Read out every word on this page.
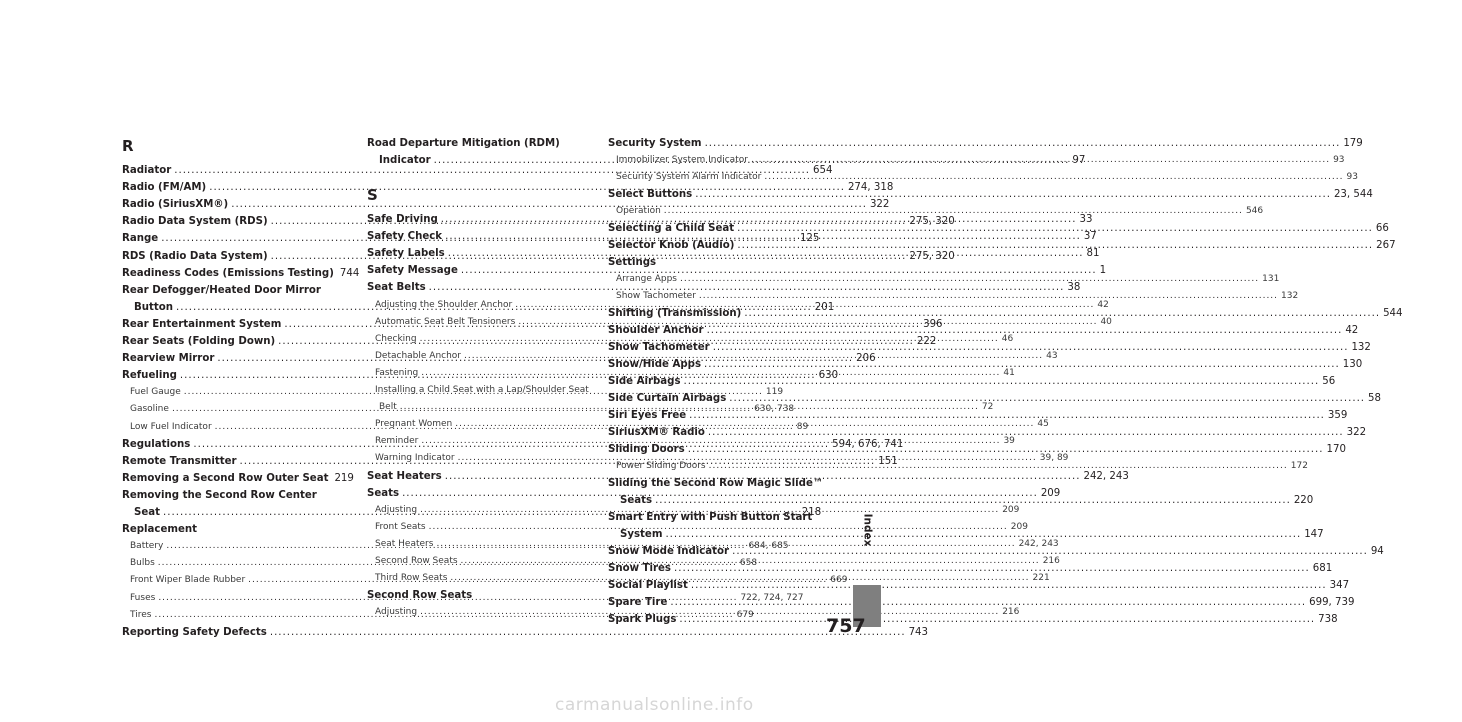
R
Radiator .....	654
Radio (FM/AM) .....	274, 318
Radio (SiriusXM®) .....	322
Radio Data System (RDS) .....	275, 320
Range .....	125
RDS (Radio Data System) .....	275, 320
Readiness Codes (Emissions Testing) 744
Rear Defogger/Heated Door Mirror
Button .....	201
Rear Entertainment System .....	396
Rear Seats (Folding Down) .....	222
Rearview Mirror .....	206
Refueling .....	630
Fuel Gauge .....	119
Gasoline .....	630, 738
Low Fuel Indicator .....	89
Regulations .....	594, 676, 741
Remote Transmitter .....	151
Removing a Second Row Outer Seat 219
Removing the Second Row Center
Seat .....	218
Replacement
Battery .....	684, 685
Bulbs .....	658
Front Wiper Blade Rubber .....	669
Fuses .....	722, 724, 727
Tires .....	679
Reporting Safety Defects .....	743
S
Road Departure Mitigation (RDM)
Indicator .....	97
Safe Driving .....	33
Safety Check .....	37
Safety Labels .....	81
Safety Message .....	1
Seat Belts .....	38
Adjusting the Shoulder Anchor .....	42
Automatic Seat Belt Tensioners .....	40
Checking .....	46
Detachable Anchor .....	43
Fastening .....	41
Installing a Child Seat with a Lap/Shoulder Seat
Belt .....	72
Pregnant Women .....	45
Reminder .....	39
Warning Indicator .....	39, 89
Seat Heaters .....	242, 243
Seats .....	209
Adjusting .....	209
Front Seats .....	209
Seat Heaters .....	242, 243
Second Row Seats .....	216
Third Row Seats .....	221
Second Row Seats
Adjusting .....	216
Security System .....	179
Immobilizer System Indicator .....	93
Security System Alarm Indicator .....	93
Select Buttons .....	23, 544
Operation .....	546
Selecting a Child Seat .....	66
Selector Knob (Audio) .....	267
Settings
Arrange Apps .....	131
Show Tachometer .....	132
Shifting (Transmission) .....	544
Shoulder Anchor .....	42
Show Tachometer .....	132
Show/Hide Apps .....	130
Side Airbags .....	56
Side Curtain Airbags .....	58
Siri Eyes Free .....	359
SiriusXM® Radio .....	322
Sliding Doors .....	170
Power Sliding Doors .....	172
Sliding the Second Row Magic Slide™
Seats .....	220
Smart Entry with Push Button Start
System .....	147
Snow Mode Indicator .....	94
Snow Tires .....	681
Social Playlist .....	347
Spare Tire .....	699, 739
Spark Plugs .....	738
Index
757
carmanualsonline.info
